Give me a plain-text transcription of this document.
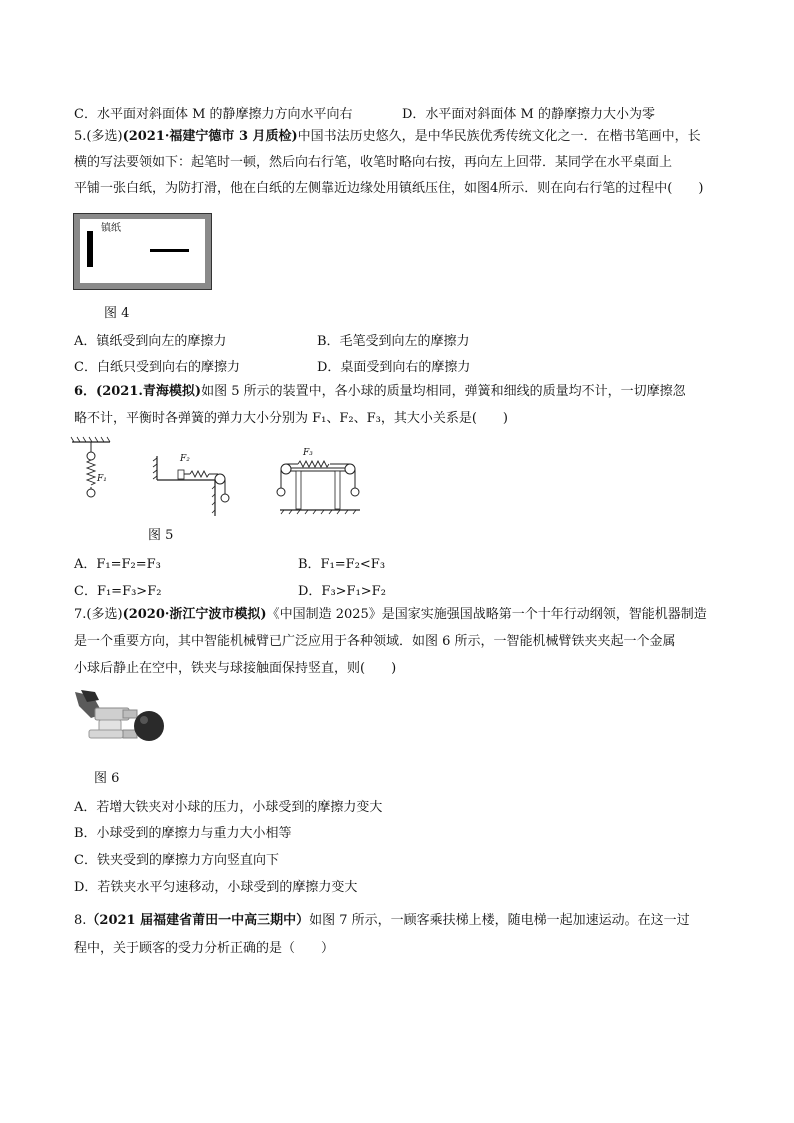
C．水平面对斜面体 M 的静摩擦力方向水平向右	D．水平面对斜面体 M 的静摩擦力大小为零
5.(多选)(2021·福建宁德市 3 月质检)中国书法历史悠久，是中华民族优秀传统文化之一．在楷书笔画中，长
横的写法要领如下：起笔时一顿，然后向右行笔，收笔时略向右按，再向左上回带．某同学在水平桌面上
平铺一张白纸，为防打滑，他在白纸的左侧靠近边缘处用镇纸压住，如图4所示．则在向右行笔的过程中(　　)
镇纸
图 4
A．镇纸受到向左的摩擦力	B．毛笔受到向左的摩擦力
C．白纸只受到向右的摩擦力	D．桌面受到向右的摩擦力
6．(2021.青海模拟)如图 5 所示的装置中，各小球的质量均相同，弹簧和细线的质量均不计，一切摩擦忽
略不计，平衡时各弹簧的弹力大小分别为 F₁、F₂、F₃，其大小关系是(　　)
F₁
F₂
F₃
图 5
A．F₁=F₂=F₃	B．F₁=F₂<F₃
C．F₁=F₃>F₂	D．F₃>F₁>F₂
7.(多选)(2020·浙江宁波市模拟)《中国制造 2025》是国家实施强国战略第一个十年行动纲领，智能机器制造
是一个重要方向，其中智能机械臂已广泛应用于各种领域．如图 6 所示，一智能机械臂铁夹夹起一个金属
小球后静止在空中，铁夹与球接触面保持竖直，则(　　)
图 6
A．若增大铁夹对小球的压力，小球受到的摩擦力变大
B．小球受到的摩擦力与重力大小相等
C．铁夹受到的摩擦力方向竖直向下
D．若铁夹水平匀速移动，小球受到的摩擦力变大
8.（2021 届福建省莆田一中高三期中）如图 7 所示，一顾客乘扶梯上楼，随电梯一起加速运动。在这一过
程中，关于顾客的受力分析正确的是（　　）
